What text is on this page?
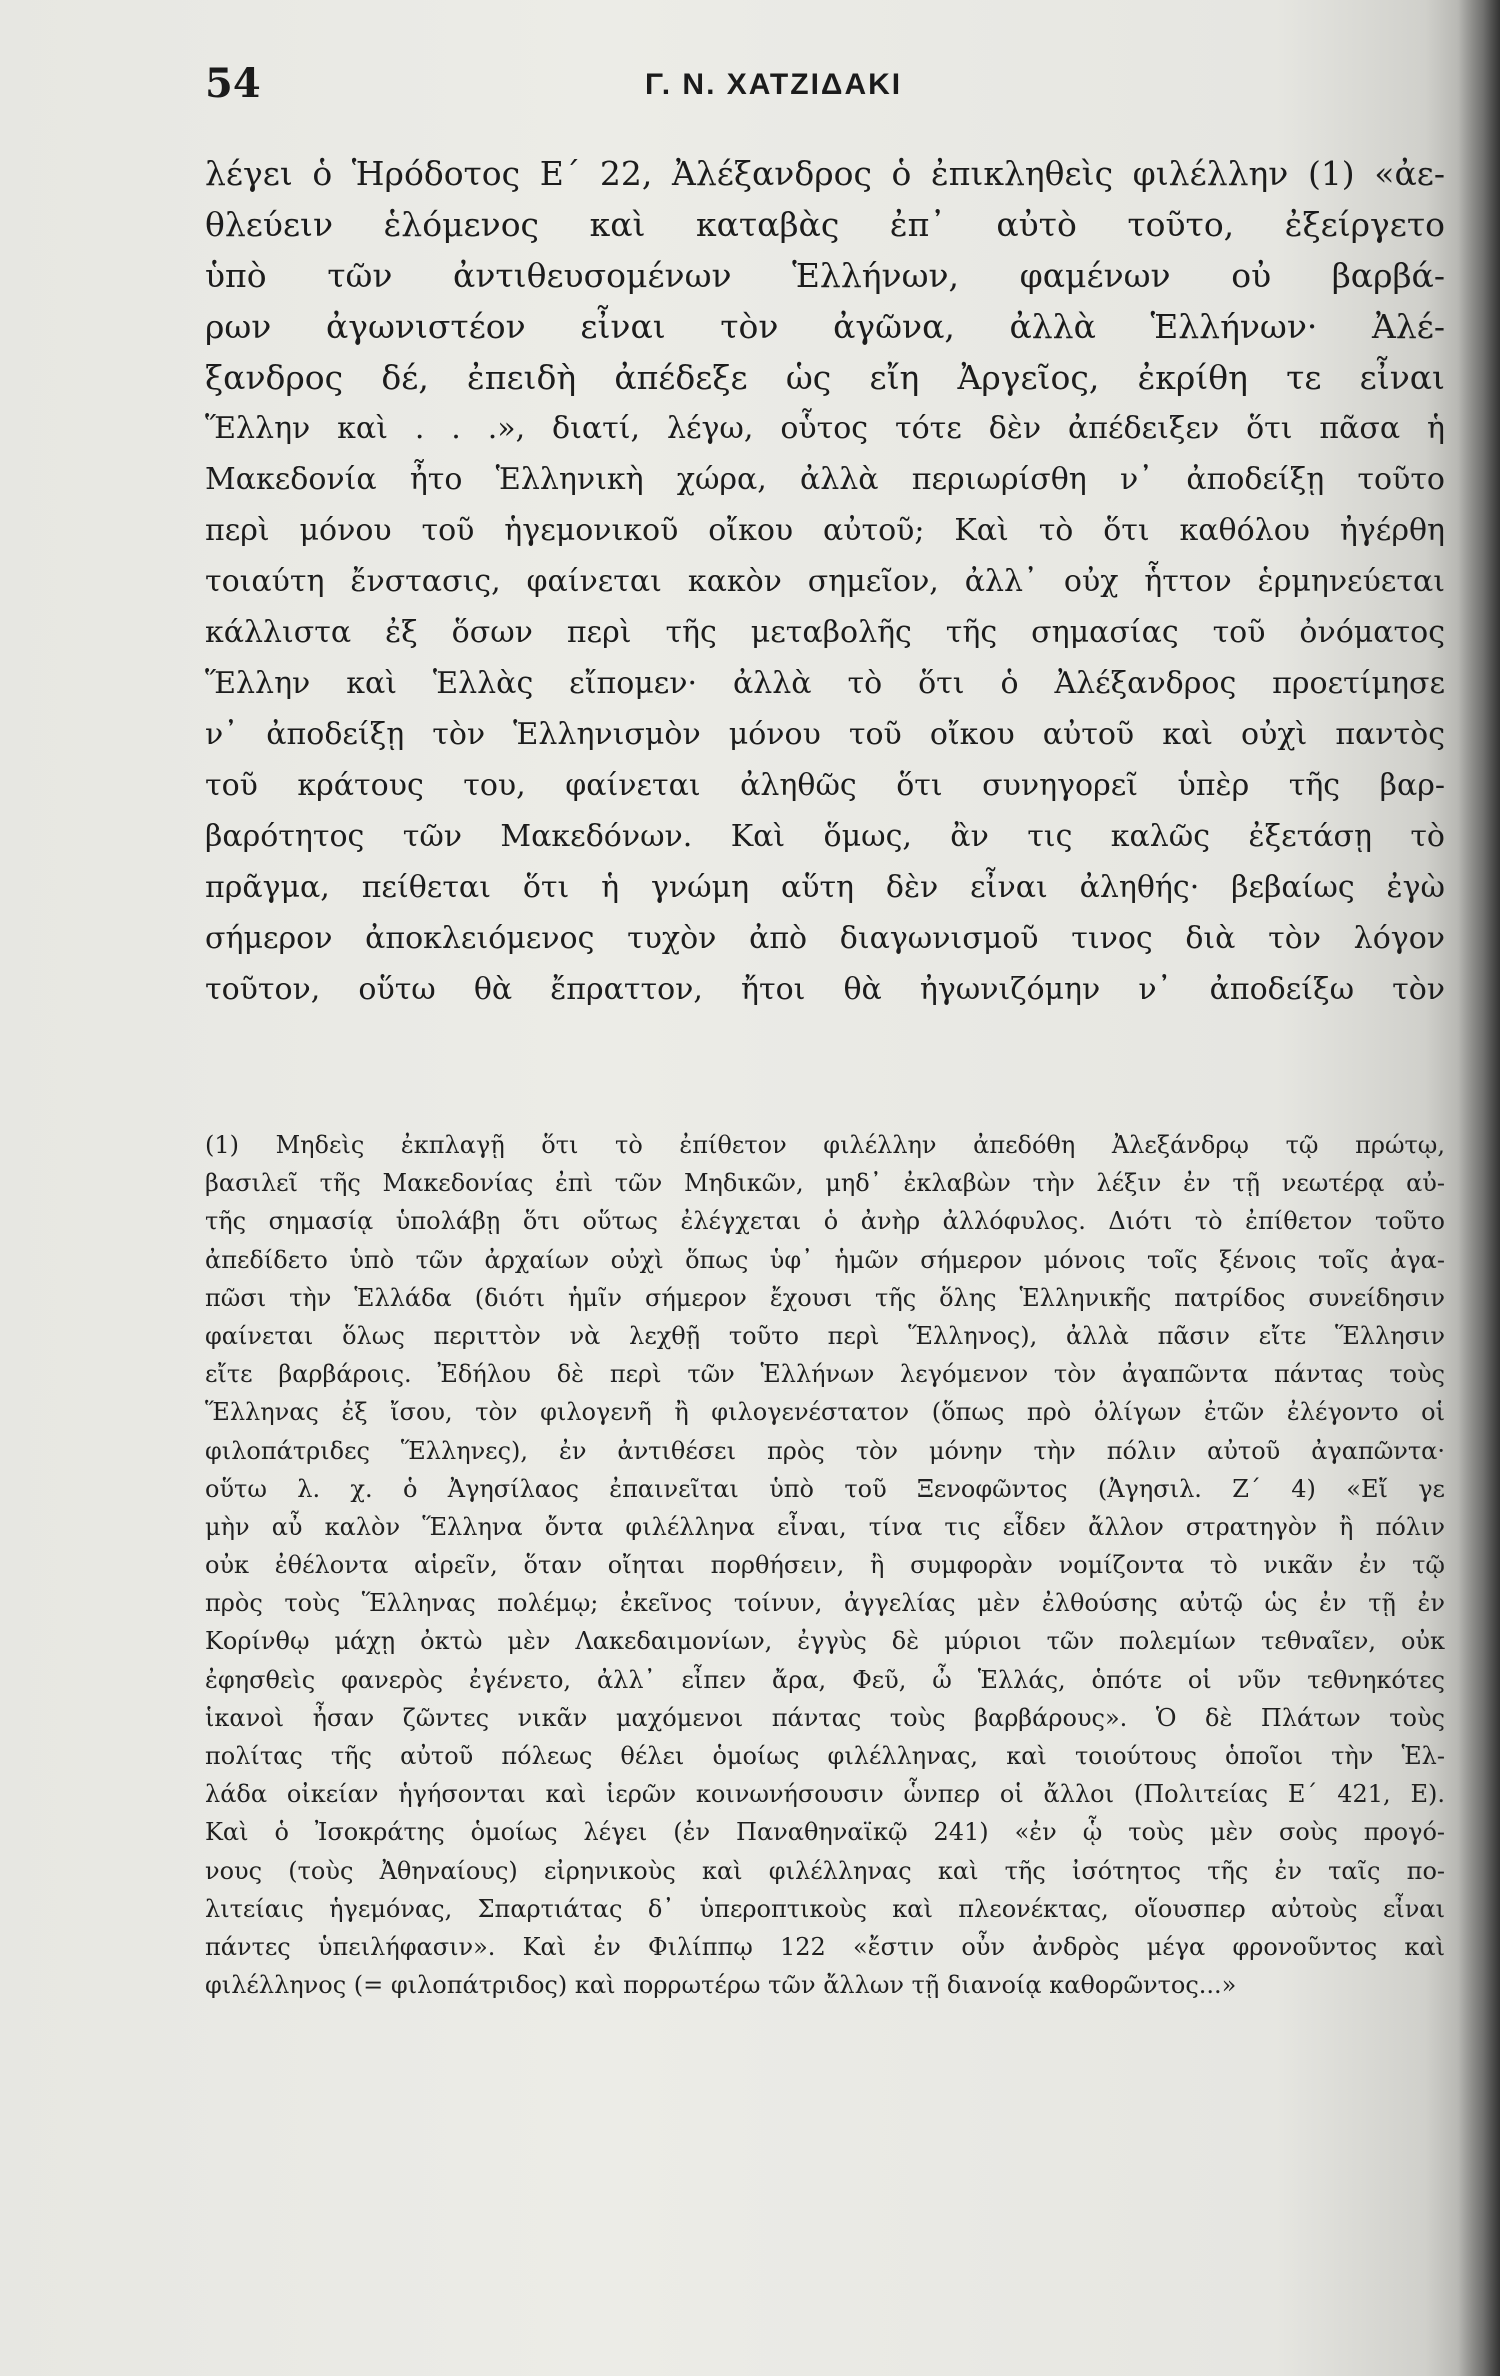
54	Γ. Ν. ΧΑΤΖΙΔΑΚΙ
λέγει ὁ Ἡρόδοτος Ε΄ 22, Ἀλέξανδρος ὁ ἐπικληθεὶς φιλέλλην (1) «ἀε-
θλεύειν ἑλόμενος καὶ καταβὰς ἐπ᾽ αὐτὸ τοῦτο, ἐξείργετο
ὑπὸ τῶν ἀντιθευσομένων Ἑλλήνων, φαμένων οὐ βαρβά-
ρων ἀγωνιστέον εἶναι τὸν ἀγῶνα, ἀλλὰ Ἑλλήνων· Ἀλέ-
ξανδρος δέ, ἐπειδὴ ἀπέδεξε ὡς εἴη Ἀργεῖος, ἐκρίθη τε εἶναι
Ἕλλην καὶ . . .», διατί, λέγω, οὗτος τότε δὲν ἀπέδειξεν ὅτι πᾶσα ἡ
Μακεδονία ἦτο Ἑλληνικὴ χώρα, ἀλλὰ περιωρίσθη ν᾽ ἀποδείξῃ τοῦτο
περὶ μόνου τοῦ ἡγεμονικοῦ οἴκου αὐτοῦ; Καὶ τὸ ὅτι καθόλου ἠγέρθη
τοιαύτη ἔνστασις, φαίνεται κακὸν σημεῖον, ἀλλ᾽ οὐχ ἧττον ἑρμηνεύεται
κάλλιστα ἐξ ὅσων περὶ τῆς μεταβολῆς τῆς σημασίας τοῦ ὀνόματος
Ἕλλην καὶ Ἑλλὰς εἴπομεν· ἀλλὰ τὸ ὅτι ὁ Ἀλέξανδρος προετίμησε
ν᾽ ἀποδείξῃ τὸν Ἑλληνισμὸν μόνου τοῦ οἴκου αὐτοῦ καὶ οὐχὶ παντὸς
τοῦ κράτους του, φαίνεται ἀληθῶς ὅτι συνηγορεῖ ὑπὲρ τῆς βαρ-
βαρότητος τῶν Μακεδόνων. Καὶ ὅμως, ἂν τις καλῶς ἐξετάσῃ τὸ
πρᾶγμα, πείθεται ὅτι ἡ γνώμη αὕτη δὲν εἶναι ἀληθής· βεβαίως ἐγὼ
σήμερον ἀποκλειόμενος τυχὸν ἀπὸ διαγωνισμοῦ τινος διὰ τὸν λόγον
τοῦτον, οὕτω θὰ ἔπραττον, ἤτοι θὰ ἠγωνιζόμην ν᾽ ἀποδείξω τὸν
(1) Μηδεὶς ἐκπλαγῇ ὅτι τὸ ἐπίθετον φιλέλλην ἀπεδόθη Ἀλεξάνδρῳ τῷ πρώτῳ,
βασιλεῖ τῆς Μακεδονίας ἐπὶ τῶν Μηδικῶν, μηδ᾽ ἐκλαβὼν τὴν λέξιν ἐν τῇ νεωτέρᾳ αὐ-
τῆς σημασίᾳ ὑπολάβῃ ὅτι οὕτως ἐλέγχεται ὁ ἀνὴρ ἀλλόφυλος. Διότι τὸ ἐπίθετον τοῦτο
ἀπεδίδετο ὑπὸ τῶν ἀρχαίων οὐχὶ ὅπως ὑφ᾽ ἡμῶν σήμερον μόνοις τοῖς ξένοις τοῖς ἀγα-
πῶσι τὴν Ἑλλάδα (διότι ἡμῖν σήμερον ἔχουσι τῆς ὅλης Ἑλληνικῆς πατρίδος συνείδησιν
φαίνεται ὅλως περιττὸν νὰ λεχθῇ τοῦτο περὶ Ἕλληνος), ἀλλὰ πᾶσιν εἴτε Ἕλλησιν
εἴτε βαρβάροις. Ἐδήλου δὲ περὶ τῶν Ἑλλήνων λεγόμενον τὸν ἀγαπῶντα πάντας τοὺς
Ἕλληνας ἐξ ἴσου, τὸν φιλογενῆ ἢ φιλογενέστατον (ὅπως πρὸ ὀλίγων ἐτῶν ἐλέγοντο οἱ
φιλοπάτριδες Ἕλληνες), ἐν ἀντιθέσει πρὸς τὸν μόνην τὴν πόλιν αὐτοῦ ἀγαπῶντα·
οὕτω λ. χ. ὁ Ἀγησίλαος ἐπαινεῖται ὑπὸ τοῦ Ξενοφῶντος (Ἀγησιλ. Ζ΄ 4) «Εἴ γε
μὴν αὖ καλὸν Ἕλληνα ὄντα φιλέλληνα εἶναι, τίνα τις εἶδεν ἄλλον στρατηγὸν ἢ πόλιν
οὐκ ἐθέλοντα αἱρεῖν, ὅταν οἴηται πορθήσειν, ἢ συμφορὰν νομίζοντα τὸ νικᾶν ἐν τῷ
πρὸς τοὺς Ἕλληνας πολέμῳ; ἐκεῖνος τοίνυν, ἀγγελίας μὲν ἐλθούσης αὐτῷ ὡς ἐν τῇ ἐν
Κορίνθῳ μάχῃ ὀκτὼ μὲν Λακεδαιμονίων, ἐγγὺς δὲ μύριοι τῶν πολεμίων τεθναῖεν, οὐκ
ἐφησθεὶς φανερὸς ἐγένετο, ἀλλ᾽ εἶπεν ἄρα, Φεῦ, ὦ Ἑλλάς, ὁπότε οἱ νῦν τεθνηκότες
ἱκανοὶ ἦσαν ζῶντες νικᾶν μαχόμενοι πάντας τοὺς βαρβάρους». Ὁ δὲ Πλάτων τοὺς
πολίτας τῆς αὐτοῦ πόλεως θέλει ὁμοίως φιλέλληνας, καὶ τοιούτους ὁποῖοι τὴν Ἑλ-
λάδα οἰκείαν ἡγήσονται καὶ ἱερῶν κοινωνήσουσιν ὧνπερ οἱ ἄλλοι (Πολιτείας Ε΄ 421, Ε).
Καὶ ὁ Ἰσοκράτης ὁμοίως λέγει (ἐν Παναθηναϊκῷ 241) «ἐν ᾧ τοὺς μὲν σοὺς προγό-
νους (τοὺς Ἀθηναίους) εἰρηνικοὺς καὶ φιλέλληνας καὶ τῆς ἰσότητος τῆς ἐν ταῖς πο-
λιτείαις ἡγεμόνας, Σπαρτιάτας δ᾽ ὑπεροπτικοὺς καὶ πλεονέκτας, οἵουσπερ αὐτοὺς εἶναι
πάντες ὑπειλήφασιν». Καὶ ἐν Φιλίππῳ 122 «ἔστιν οὖν ἀνδρὸς μέγα φρονοῦντος καὶ
φιλέλληνος (= φιλοπάτριδος) καὶ πορρωτέρω τῶν ἄλλων τῇ διανοίᾳ καθορῶντος...»
